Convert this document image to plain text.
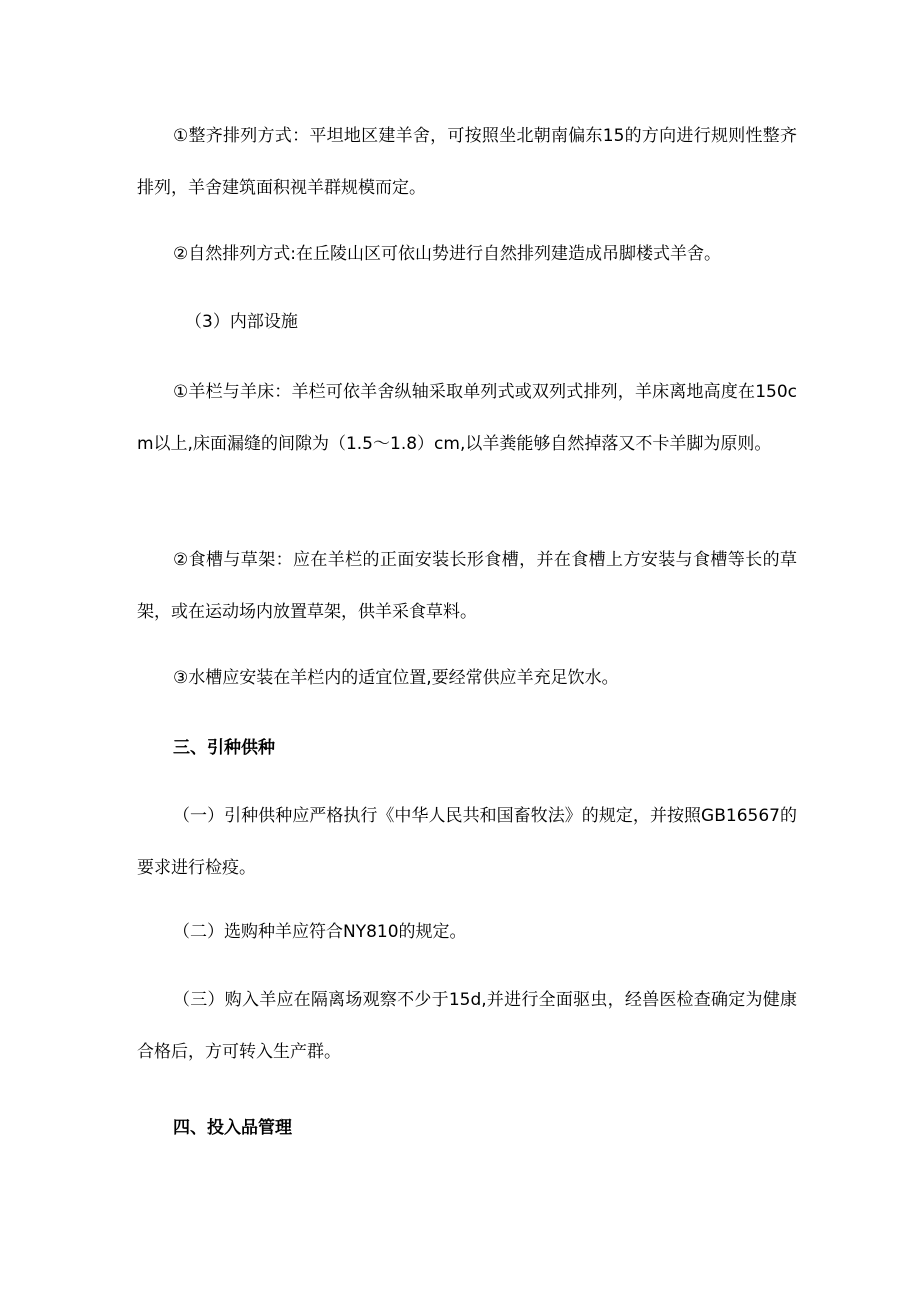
①整齐排列方式：平坦地区建羊舍，可按照坐北朝南偏东15的方向进行规则性整齐排列，羊舍建筑面积视羊群规模而定。

②自然排列方式:在丘陵山区可依山势进行自然排列建造成吊脚楼式羊舍。

（3）内部设施

①羊栏与羊床：羊栏可依羊舍纵轴采取单列式或双列式排列，羊床离地高度在150cm以上,床面漏缝的间隙为（1.5～1.8）cm,以羊粪能够自然掉落又不卡羊脚为原则。

②食槽与草架：应在羊栏的正面安装长形食槽，并在食槽上方安装与食槽等长的草架，或在运动场内放置草架，供羊采食草料。

③水槽应安装在羊栏内的适宜位置,要经常供应羊充足饮水。

三、引种供种

（一）引种供种应严格执行《中华人民共和国畜牧法》的规定，并按照GB16567的要求进行检疫。

（二）选购种羊应符合NY810的规定。

（三）购入羊应在隔离场观察不少于15d,并进行全面驱虫，经兽医检查确定为健康合格后，方可转入生产群。

四、投入品管理
